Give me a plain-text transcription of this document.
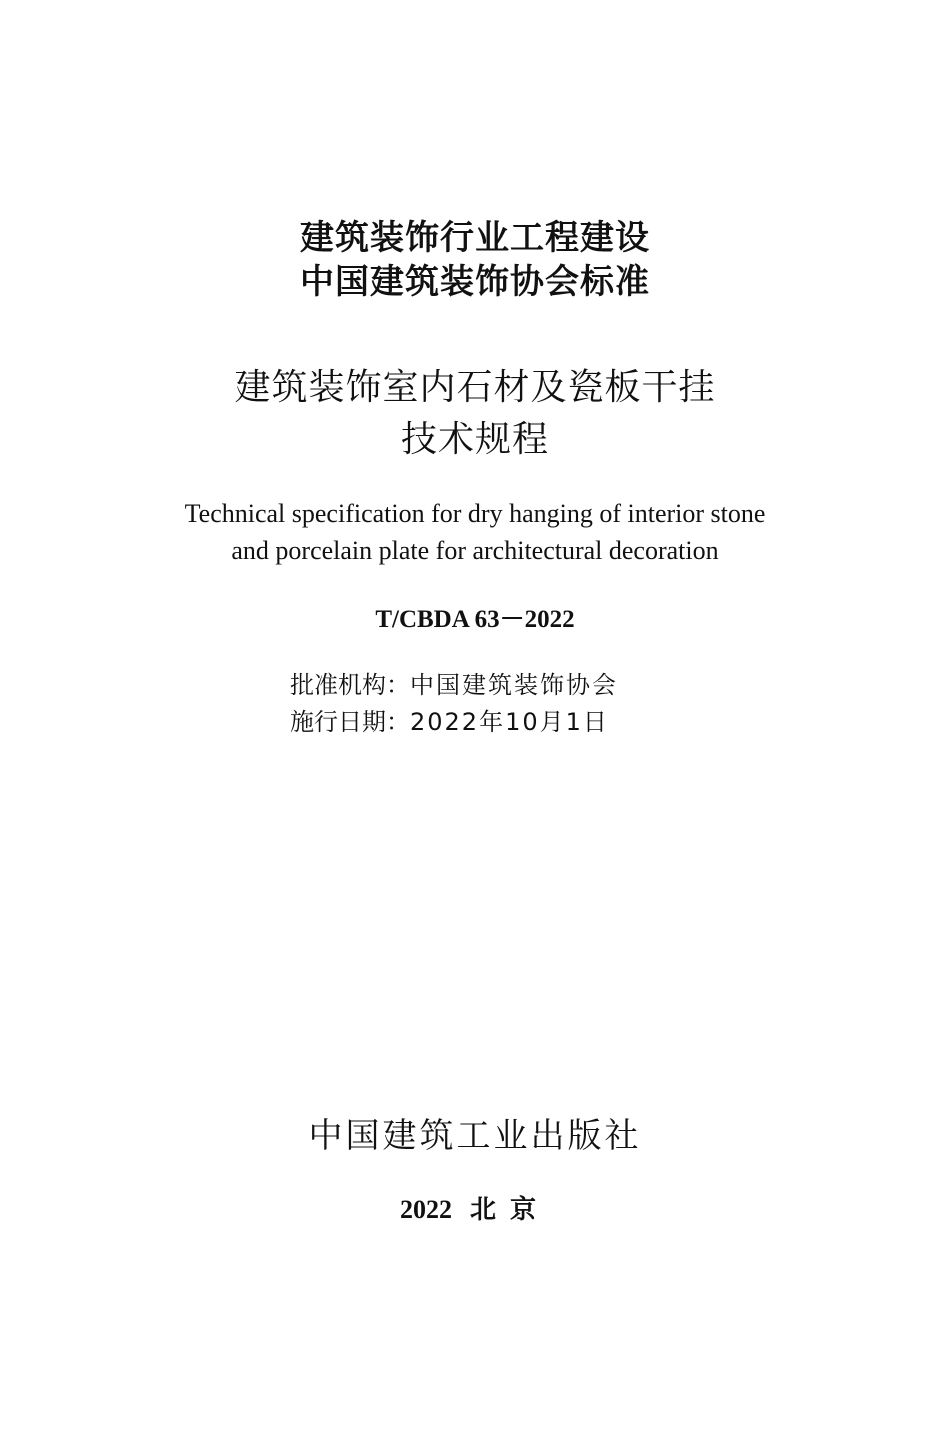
建筑装饰行业工程建设

中国建筑装饰协会标准

建筑装饰室内石材及瓷板干挂

技术规程

Technical specification for dry hanging of interior stone

and porcelain plate for architectural decoration

T/CBDA 63－2022

批准机构：中国建筑装饰协会

施行日期：2022年10月1日

中国建筑工业出版社

2022 北京
